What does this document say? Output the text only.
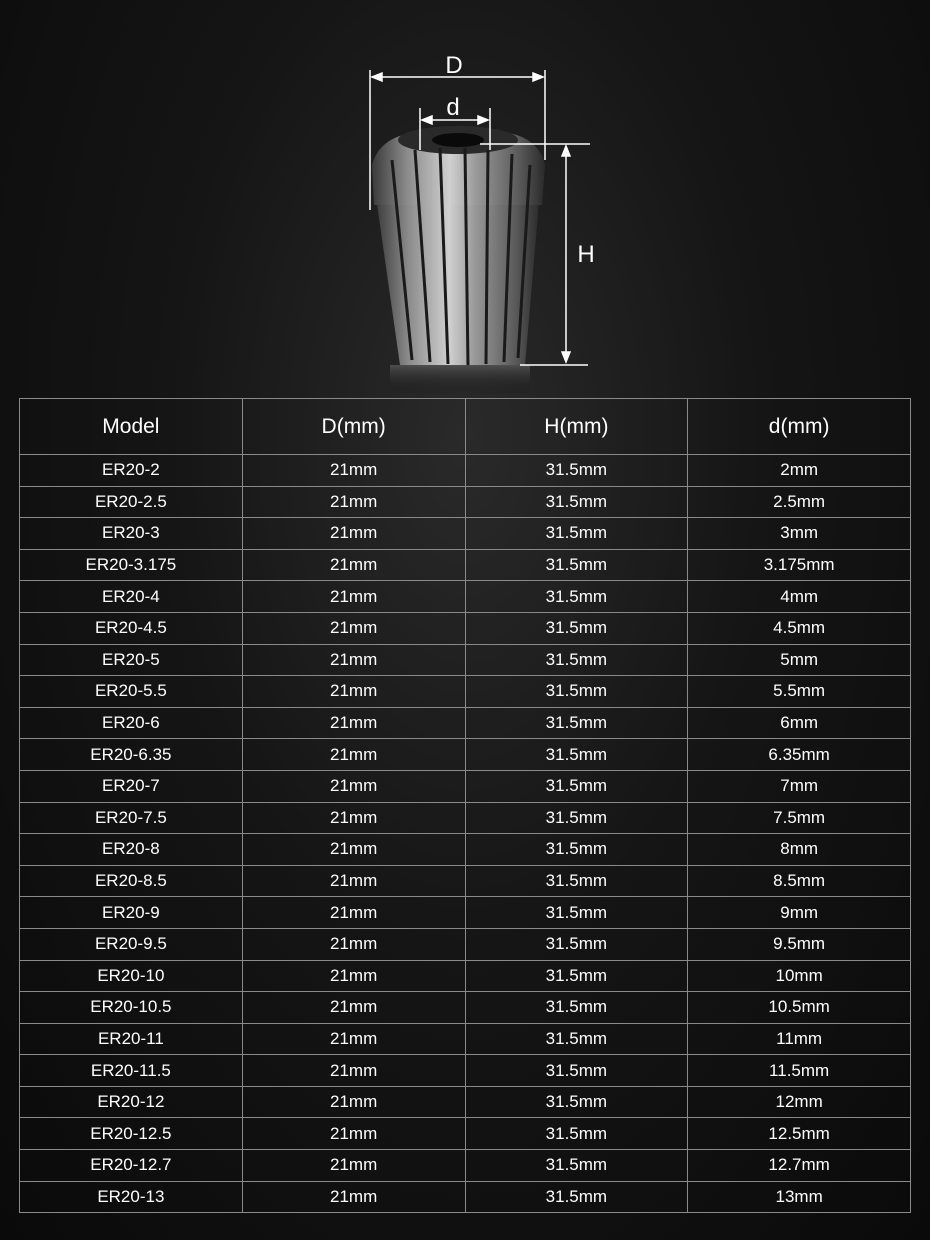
D
d
H
Model	D(mm)	H(mm)	d(mm)
ER20-2	21mm	31.5mm	2mm
ER20-2.5	21mm	31.5mm	2.5mm
ER20-3	21mm	31.5mm	3mm
ER20-3.175	21mm	31.5mm	3.175mm
ER20-4	21mm	31.5mm	4mm
ER20-4.5	21mm	31.5mm	4.5mm
ER20-5	21mm	31.5mm	5mm
ER20-5.5	21mm	31.5mm	5.5mm
ER20-6	21mm	31.5mm	6mm
ER20-6.35	21mm	31.5mm	6.35mm
ER20-7	21mm	31.5mm	7mm
ER20-7.5	21mm	31.5mm	7.5mm
ER20-8	21mm	31.5mm	8mm
ER20-8.5	21mm	31.5mm	8.5mm
ER20-9	21mm	31.5mm	9mm
ER20-9.5	21mm	31.5mm	9.5mm
ER20-10	21mm	31.5mm	10mm
ER20-10.5	21mm	31.5mm	10.5mm
ER20-11	21mm	31.5mm	11mm
ER20-11.5	21mm	31.5mm	11.5mm
ER20-12	21mm	31.5mm	12mm
ER20-12.5	21mm	31.5mm	12.5mm
ER20-12.7	21mm	31.5mm	12.7mm
ER20-13	21mm	31.5mm	13mm
